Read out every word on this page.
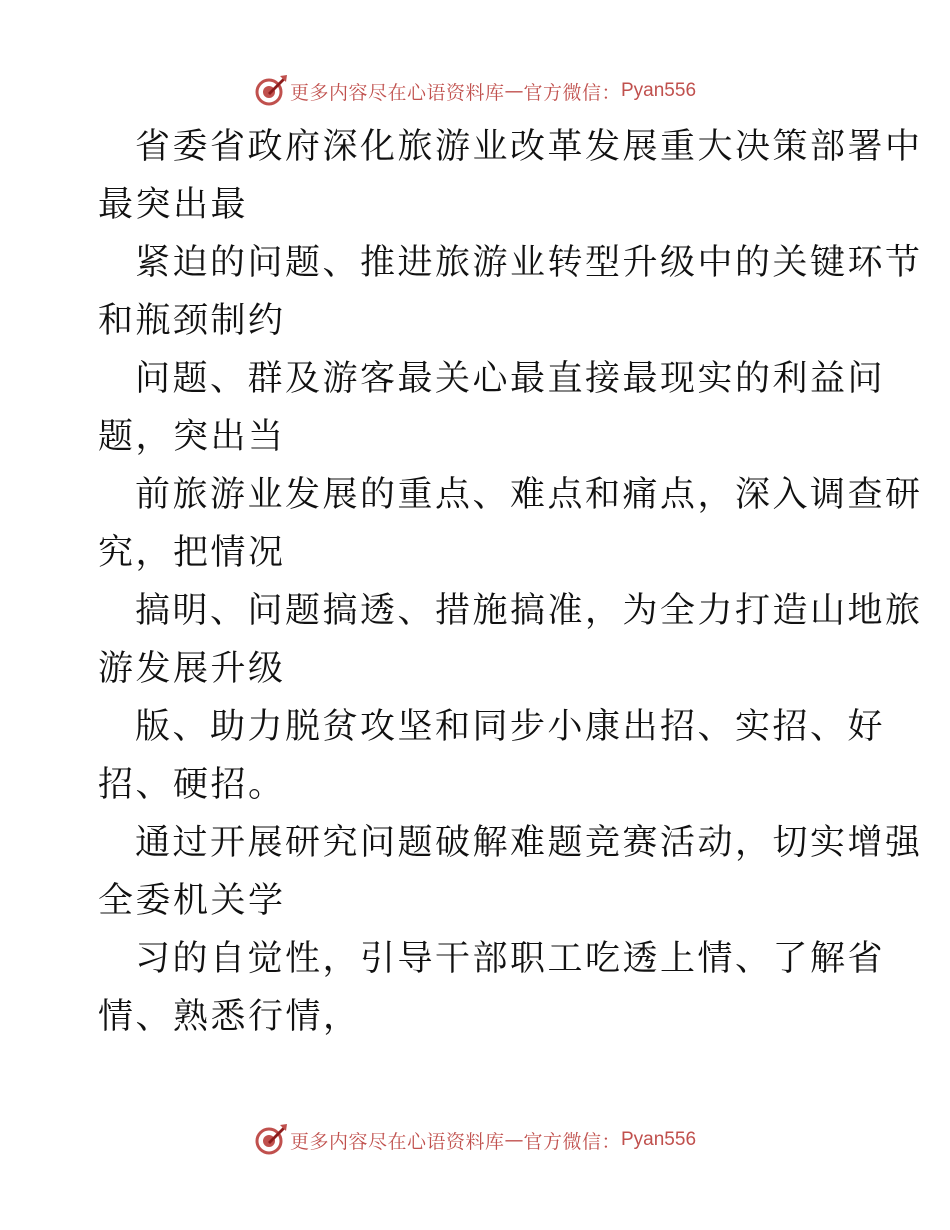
更多内容尽在心语资料库 — 官方微信： Pyan556

省委省政府深化旅游业改革发展重大决策部署中
最突出最

紧迫的问题、推进旅游业转型升级中的关键环节
和瓶颈制约

问题、群及游客最关心最直接最现实的利益问
题，突出当

前旅游业发展的重点、难点和痛点，深入调查研
究，把情况

搞明、问题搞透、措施搞准，为全力打造山地旅
游发展升级

版、助力脱贫攻坚和同步小康出招、实招、好
招、硬招。

通过开展研究问题破解难题竞赛活动，切实增强
全委机关学

习的自觉性，引导干部职工吃透上情、了解省
情、熟悉行情，

更多内容尽在心语资料库 — 官方微信： Pyan556
